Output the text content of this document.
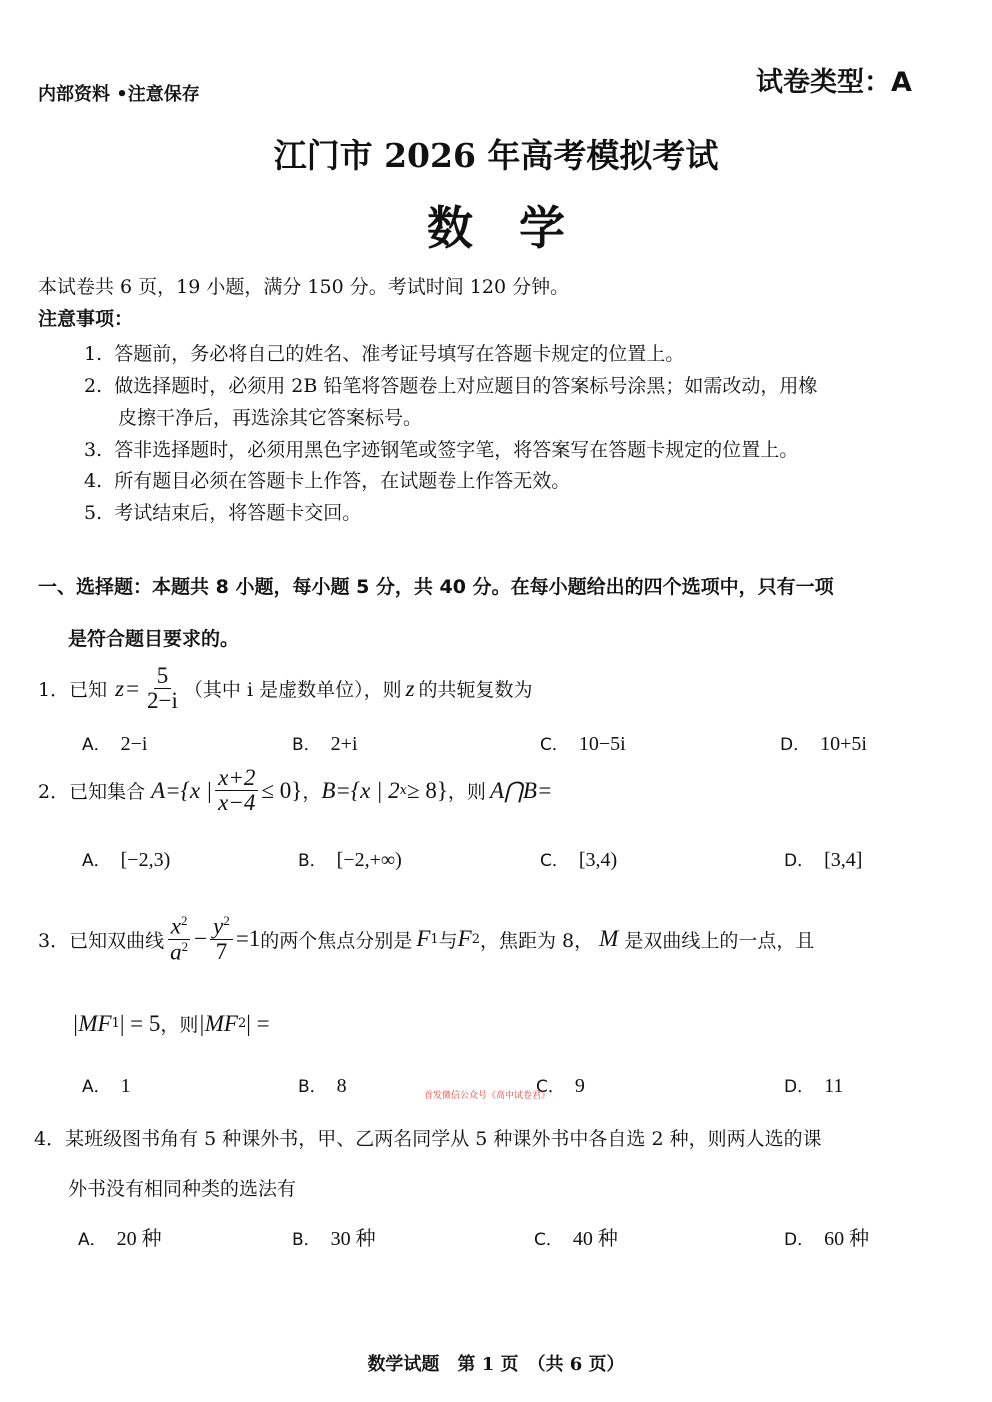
内部资料 •注意保存	试卷类型：A
江门市 2026 年高考模拟考试
数　学
本试卷共 6 页，19 小题，满分 150 分。考试时间 120 分钟。
注意事项：
1. 答题前，务必将自己的姓名、准考证号填写在答题卡规定的位置上。
2. 做选择题时，必须用 2B 铅笔将答题卷上对应题目的答案标号涂黑；如需改动，用橡
皮擦干净后，再选涂其它答案标号。
3. 答非选择题时，必须用黑色字迹钢笔或签字笔，将答案写在答题卡规定的位置上。
4. 所有题目必须在答题卡上作答，在试题卷上作答无效。
5. 考试结束后，将答题卡交回。
一、选择题：本题共 8 小题，每小题 5 分，共 40 分。在每小题给出的四个选项中，只有一项
是符合题目要求的。
1． 已知 $z = \frac{5}{2-i}$ （其中 i 是虚数单位），则 z 的共轭复数为
A． 2−i	B． 2+i	C． 10−5i	D． 10+5i
2． 已知集合 A={x | $\frac{x+2}{x-4} \le 0$} ， B={x | 2 x ≥ 8} ，则 A⋂B=
A． [−2,3)	B． [−2,+∞)	C． [3,4)	D． [3,4]
3． 已知双曲线 $\frac{x^2}{a^2} - \frac{y^2}{7} =1$ 的两个焦点分别是 F 1 与 F 2 ，焦距为 8， M 是双曲线上的一点，且
|MF 1 | = 5 ，则 |MF 2 | =
A． 1	B． 8	C． 9	D． 11
首发微信公众号《高中试卷君》
4．某班级图书角有 5 种课外书，甲、乙两名同学从 5 种课外书中各自选 2 种，则两人选的课
外书没有相同种类的选法有
A． 20 种	B． 30 种	C． 40 种	D． 60 种
数学试题　第 1 页　（共 6 页）
